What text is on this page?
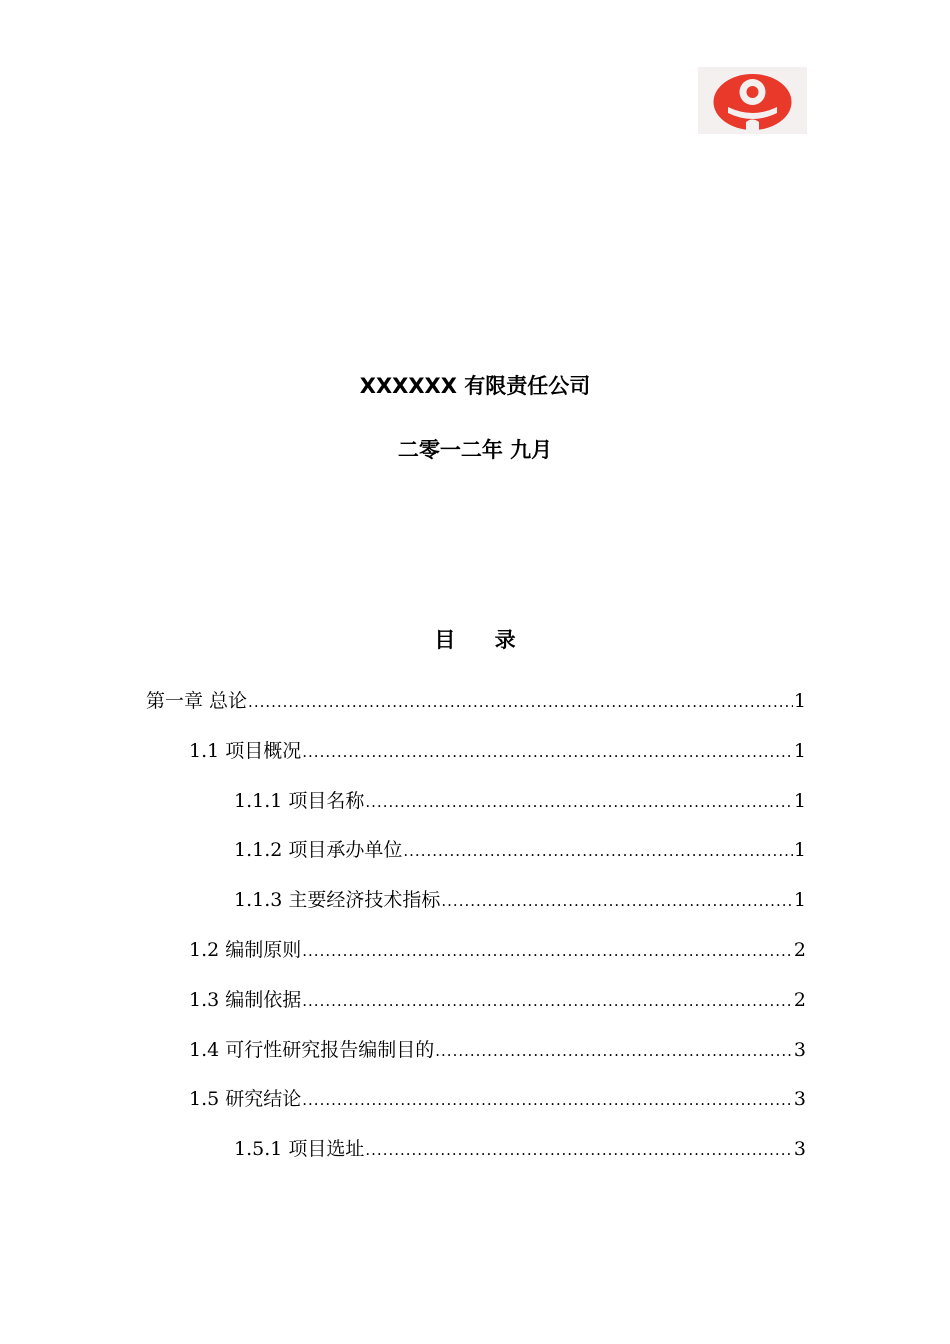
XXXXXX 有限责任公司
二零一二年 九月
目 录
第一章 总论 .....	1
1.1 项目概况 .....	1
1.1.1 项目名称 .....	1
1.1.2 项目承办单位 .....	1
1.1.3 主要经济技术指标 .....	1
1.2 编制原则 .....	2
1.3 编制依据 .....	2
1.4 可行性研究报告编制目的 .....	3
1.5 研究结论 .....	3
1.5.1 项目选址 .....	3
